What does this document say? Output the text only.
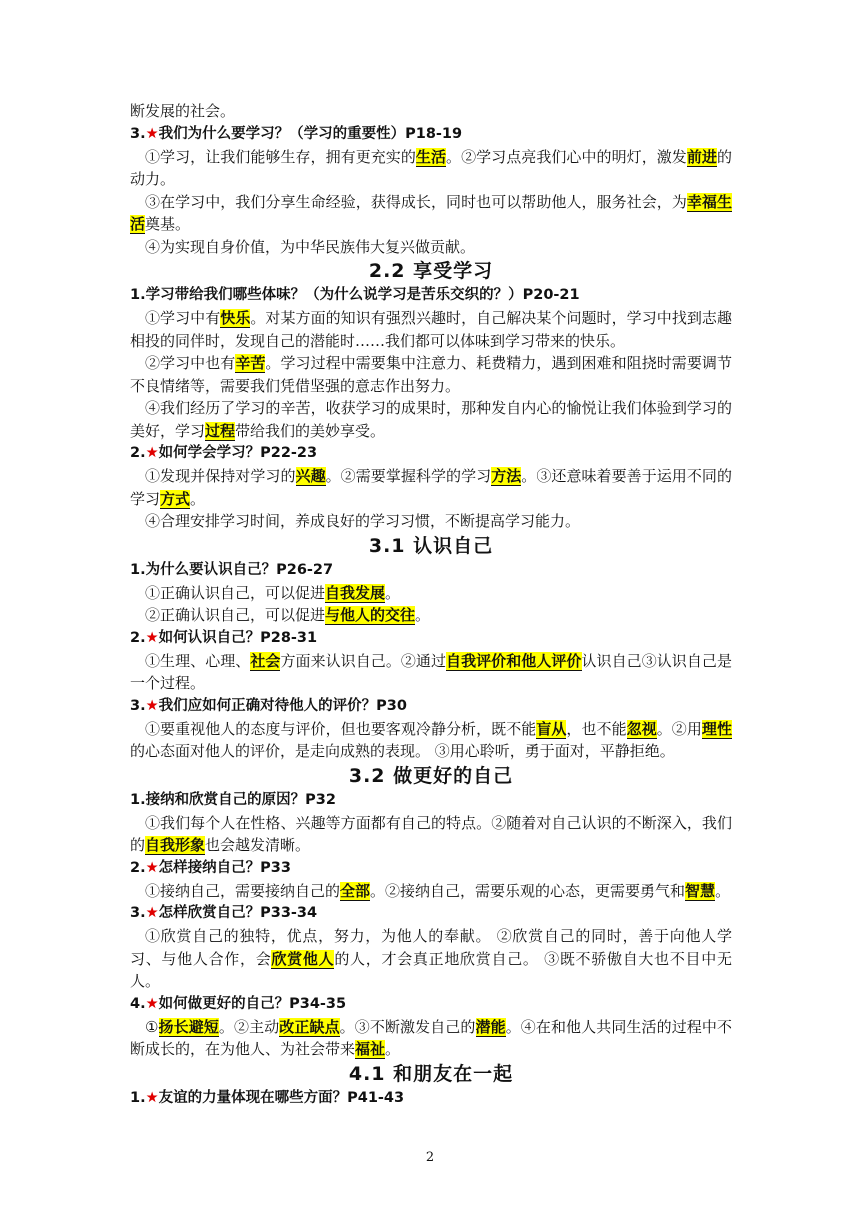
断发展的社会。

3.★我们为什么要学习？（学习的重要性）P18-19

①学习，让我们能够生存，拥有更充实的生活。②学习点亮我们心中的明灯，激发前进的动力。

③在学习中，我们分享生命经验，获得成长，同时也可以帮助他人，服务社会，为幸福生活奠基。

④为实现自身价值，为中华民族伟大复兴做贡献。

2.2 享受学习
1.学习带给我们哪些体味？（为什么说学习是苦乐交织的？）P20-21

①学习中有快乐。对某方面的知识有强烈兴趣时，自己解决某个问题时，学习中找到志趣相投的同伴时，发现自己的潜能时……我们都可以体味到学习带来的快乐。

②学习中也有辛苦。学习过程中需要集中注意力、耗费精力，遇到困难和阻挠时需要调节不良情绪等，需要我们凭借坚强的意志作出努力。

④我们经历了学习的辛苦，收获学习的成果时，那种发自内心的愉悦让我们体验到学习的美好，学习过程带给我们的美妙享受。

2.★如何学会学习？P22-23

①发现并保持对学习的兴趣。②需要掌握科学的学习方法。③还意味着要善于运用不同的学习方式。

④合理安排学习时间，养成良好的学习习惯，不断提高学习能力。

3.1 认识自己
1.为什么要认识自己？P26-27

①正确认识自己，可以促进自我发展。

②正确认识自己，可以促进与他人的交往。

2.★如何认识自己？P28-31

①生理、心理、社会方面来认识自己。②通过自我评价和他人评价认识自己③认识自己是一个过程。

3.★我们应如何正确对待他人的评价？P30

①要重视他人的态度与评价，但也要客观冷静分析，既不能盲从，也不能忽视。②用理性的心态面对他人的评价，是走向成熟的表现。 ③用心聆听，勇于面对，平静拒绝。

3.2 做更好的自己
1.接纳和欣赏自己的原因？P32

①我们每个人在性格、兴趣等方面都有自己的特点。②随着对自己认识的不断深入，我们的自我形象也会越发清晰。

2.★怎样接纳自己？P33

①接纳自己，需要接纳自己的全部。②接纳自己，需要乐观的心态，更需要勇气和智慧。

3.★怎样欣赏自己？P33-34

①欣赏自己的独特，优点，努力，为他人的奉献。 ②欣赏自己的同时，善于向他人学习、与他人合作，会欣赏他人的人，才会真正地欣赏自己。 ③既不骄傲自大也不目中无人。

4.★如何做更好的自己？P34-35

①扬长避短。②主动改正缺点。③不断激发自己的潜能。④在和他人共同生活的过程中不断成长的，在为他人、为社会带来福祉。

4.1 和朋友在一起
1.★友谊的力量体现在哪些方面？P41-43
2
